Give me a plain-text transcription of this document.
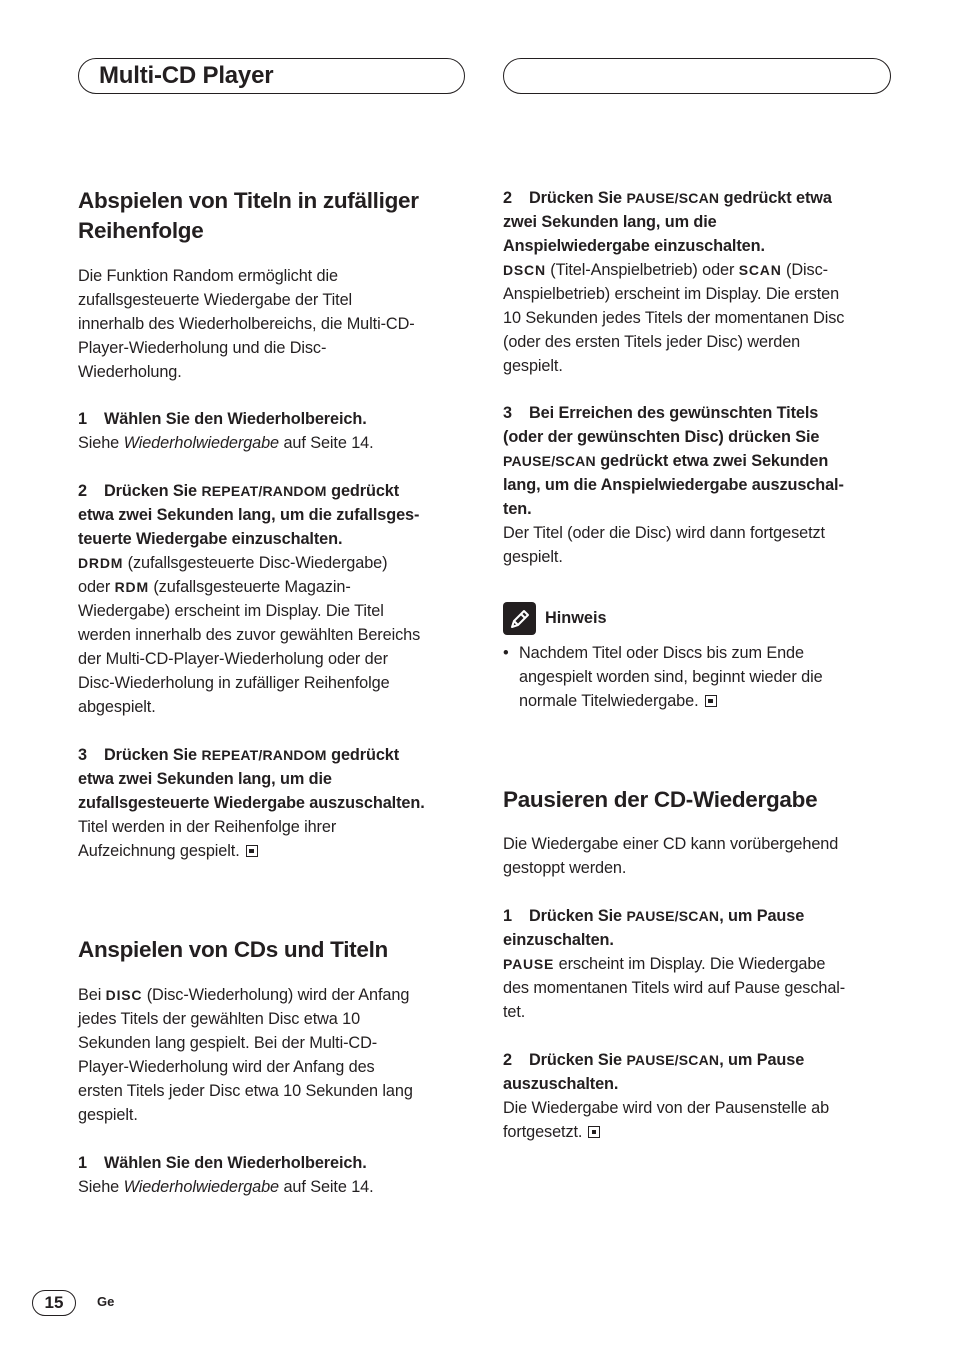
Multi-CD Player
Abspielen von Titeln in zufälliger
Reihenfolge

Die Funktion Random ermöglicht die
zufallsgesteuerte Wiedergabe der Titel
innerhalb des Wiederholbereichs, die Multi-CD-
Player-Wiederholung und die Disc-
Wiederholung.

1 Wählen Sie den Wiederholbereich.
Siehe Wiederholwiedergabe auf Seite 14.

2 Drücken Sie REPEAT/RANDOM gedrückt
etwa zwei Sekunden lang, um die zufallsges-
teuerte Wiedergabe einzuschalten.
DRDM (zufallsgesteuerte Disc-Wiedergabe)
oder RDM (zufallsgesteuerte Magazin-
Wiedergabe) erscheint im Display. Die Titel
werden innerhalb des zuvor gewählten Bereichs
der Multi-CD-Player-Wiederholung oder der
Disc-Wiederholung in zufälliger Reihenfolge
abgespielt.

3 Drücken Sie REPEAT/RANDOM gedrückt
etwa zwei Sekunden lang, um die
zufallsgesteuerte Wiedergabe auszuschalten.
Titel werden in der Reihenfolge ihrer
Aufzeichnung gespielt.

Anspielen von CDs und Titeln

Bei DISC (Disc-Wiederholung) wird der Anfang
jedes Titels der gewählten Disc etwa 10
Sekunden lang gespielt. Bei der Multi-CD-
Player-Wiederholung wird der Anfang des
ersten Titels jeder Disc etwa 10 Sekunden lang
gespielt.

1 Wählen Sie den Wiederholbereich.
Siehe Wiederholwiedergabe auf Seite 14.

2 Drücken Sie PAUSE/SCAN gedrückt etwa
zwei Sekunden lang, um die
Anspielwiedergabe einzuschalten.
DSCN (Titel-Anspielbetrieb) oder SCAN (Disc-
Anspielbetrieb) erscheint im Display. Die ersten
10 Sekunden jedes Titels der momentanen Disc
(oder des ersten Titels jeder Disc) werden
gespielt.

3 Bei Erreichen des gewünschten Titels
(oder der gewünschten Disc) drücken Sie
PAUSE/SCAN gedrückt etwa zwei Sekunden
lang, um die Anspielwiedergabe auszuschal-
ten.
Der Titel (oder die Disc) wird dann fortgesetzt
gespielt.

Hinweis
• Nachdem Titel oder Discs bis zum Ende
angespielt worden sind, beginnt wieder die
normale Titelwiedergabe.

Pausieren der CD-Wiedergabe

Die Wiedergabe einer CD kann vorübergehend
gestoppt werden.

1 Drücken Sie PAUSE/SCAN, um Pause
einzuschalten.
PAUSE erscheint im Display. Die Wiedergabe
des momentanen Titels wird auf Pause geschal-
tet.

2 Drücken Sie PAUSE/SCAN, um Pause
auszuschalten.
Die Wiedergabe wird von der Pausenstelle ab
fortgesetzt.

15	Ge
